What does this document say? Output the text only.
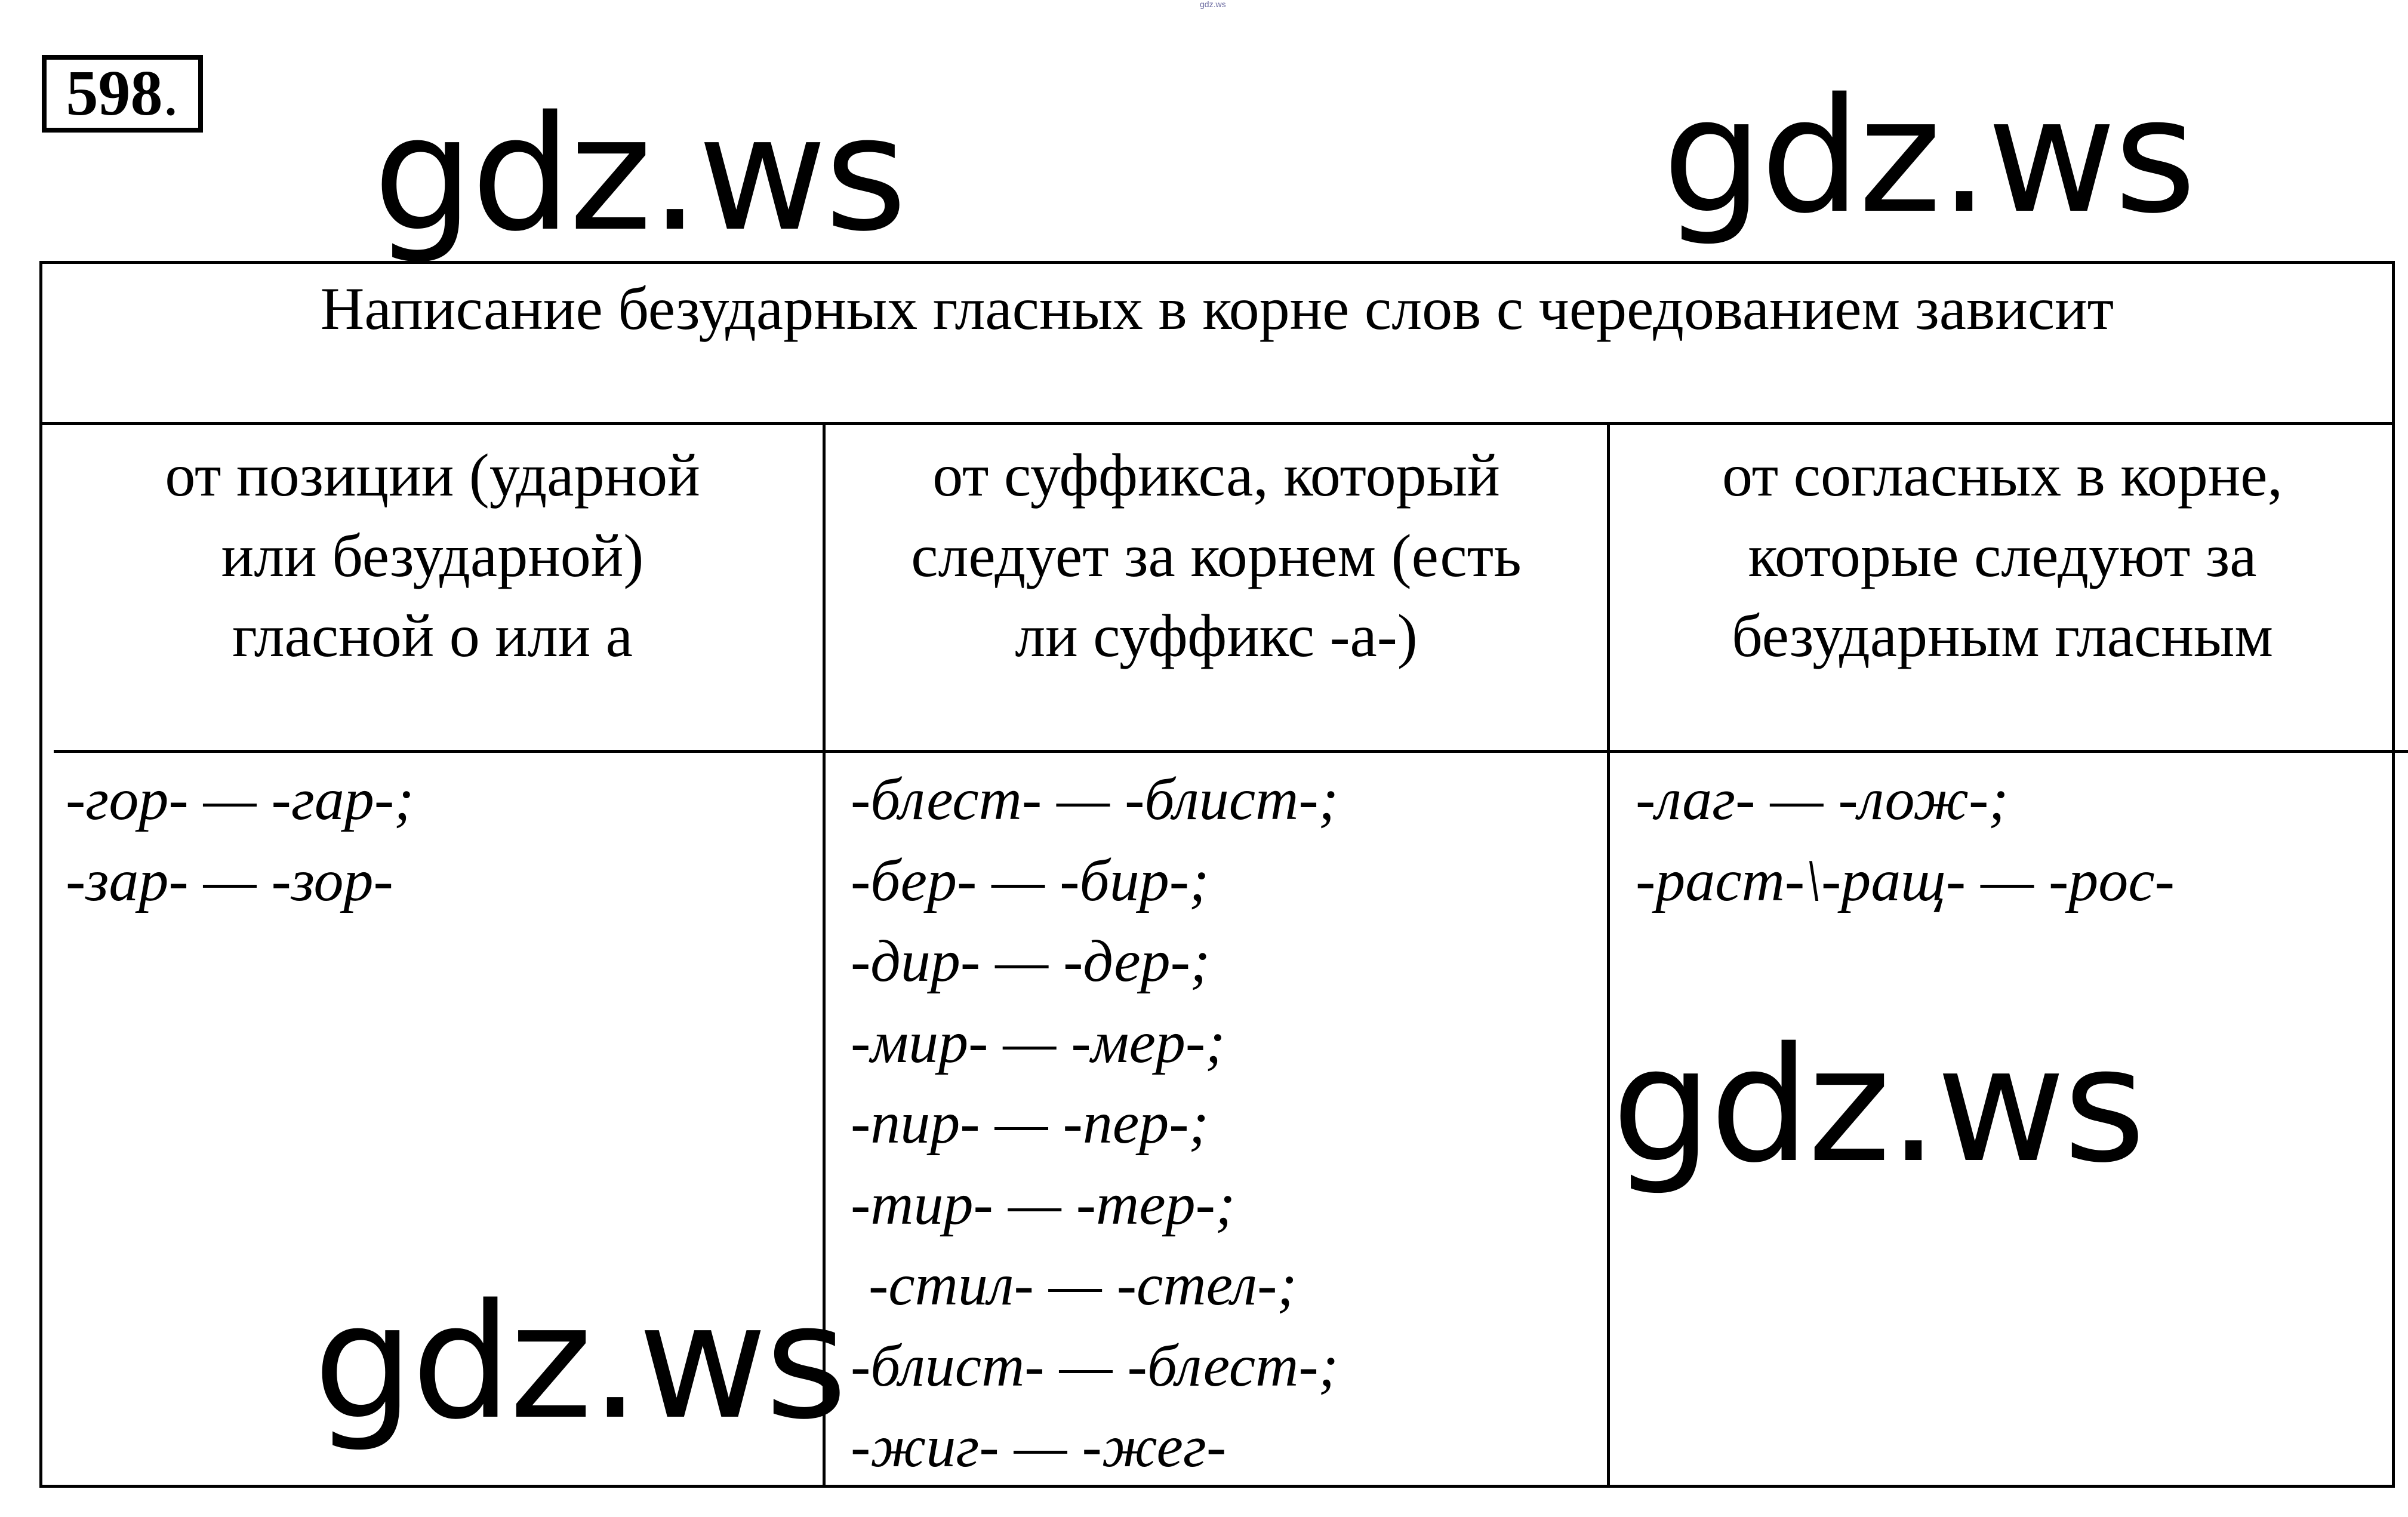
gdz.ws
598 .
Написание безударных гласных в корне слов с чередованием зависит
от позиции (ударной
или безударной)
гласной о или а
от суффикса, который
следует за корнем (есть
ли суффикс -а-)
от согласных в корне,
которые следуют за
безударным гласным
-гор- — -гар-;
-зар- — -зор-
-блест- — -блист-;
-бер- — -бир-;
-дир- — -дер-;
-мир- — -мер-;
-пир- — -пер-;
-тир- — -тер-;
-стил- — -стел-;
-блист- — -блест-;
-жиг- — -жег-
-лаг- — -лож-;
-раст-\-ращ- — -рос-
gdz.ws	gdz.ws
gdz.ws
gdz.ws
